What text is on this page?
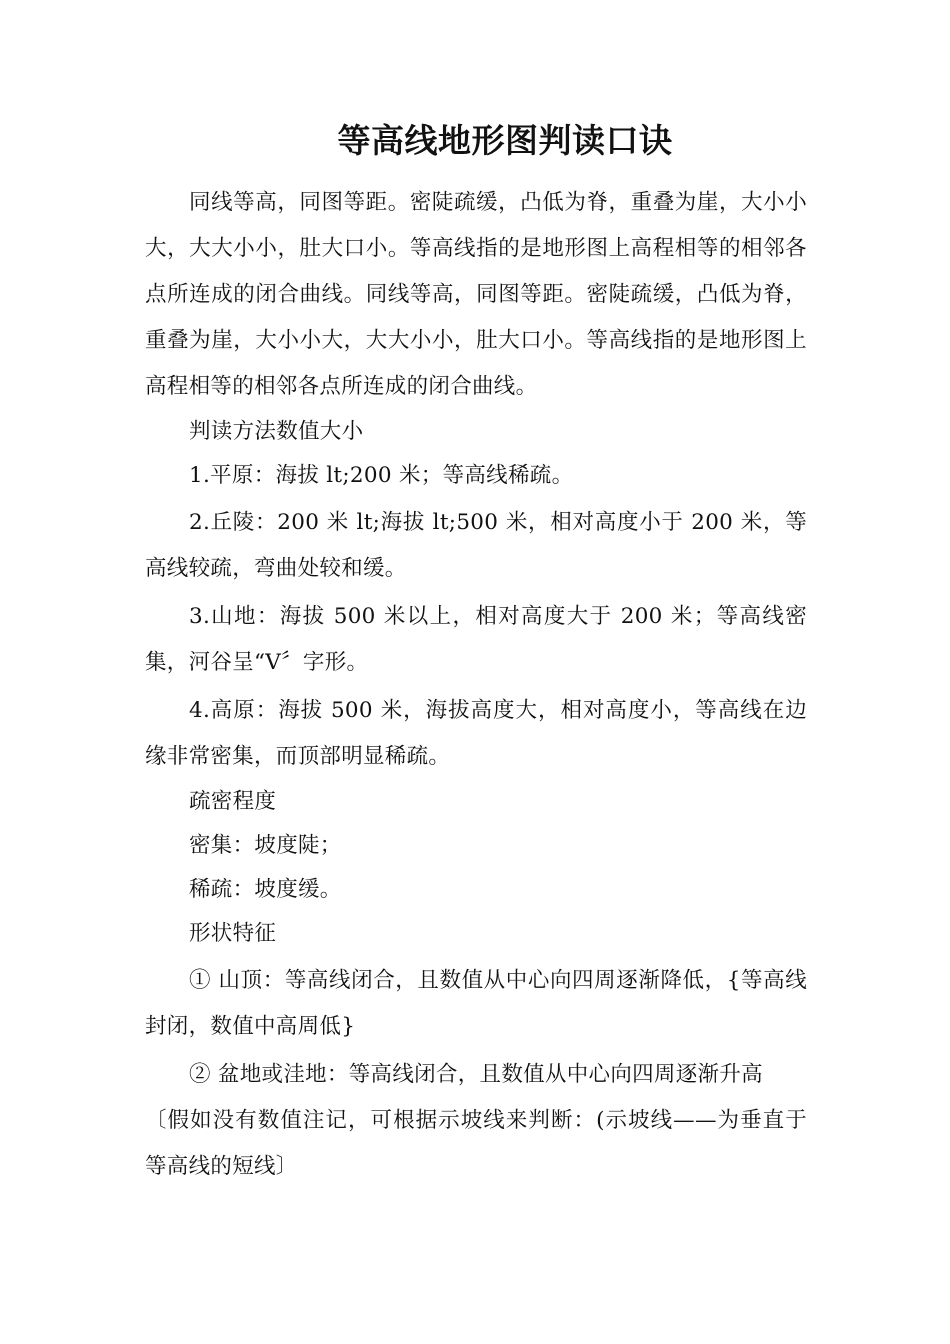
等高线地形图判读口诀

同线等高，同图等距。密陡疏缓，凸低为脊，重叠为崖，大小小大，大大小小，肚大口小。等高线指的是地形图上高程相等的相邻各点所连成的闭合曲线。同线等高，同图等距。密陡疏缓，凸低为脊，重叠为崖，大小小大，大大小小，肚大口小。等高线指的是地形图上高程相等的相邻各点所连成的闭合曲线。

判读方法数值大小

1.平原：海拔 lt;200 米；等高线稀疏。

2.丘陵：200 米 lt;海拔 lt;500 米，相对高度小于 200 米，等高线较疏，弯曲处较和缓。

3.山地：海拔 500 米以上，相对高度大于 200 米；等高线密集，河谷呈“V〞字形。

4.高原：海拔 500 米，海拔高度大，相对高度小，等高线在边缘非常密集，而顶部明显稀疏。

疏密程度

密集：坡度陡；

稀疏：坡度缓。

形状特征

① 山顶：等高线闭合，且数值从中心向四周逐渐降低，{等高线封闭，数值中高周低}

② 盆地或洼地：等高线闭合，且数值从中心向四周逐渐升高

〔假如没有数值注记，可根据示坡线来判断：(示坡线——为垂直于等高线的短线〕
